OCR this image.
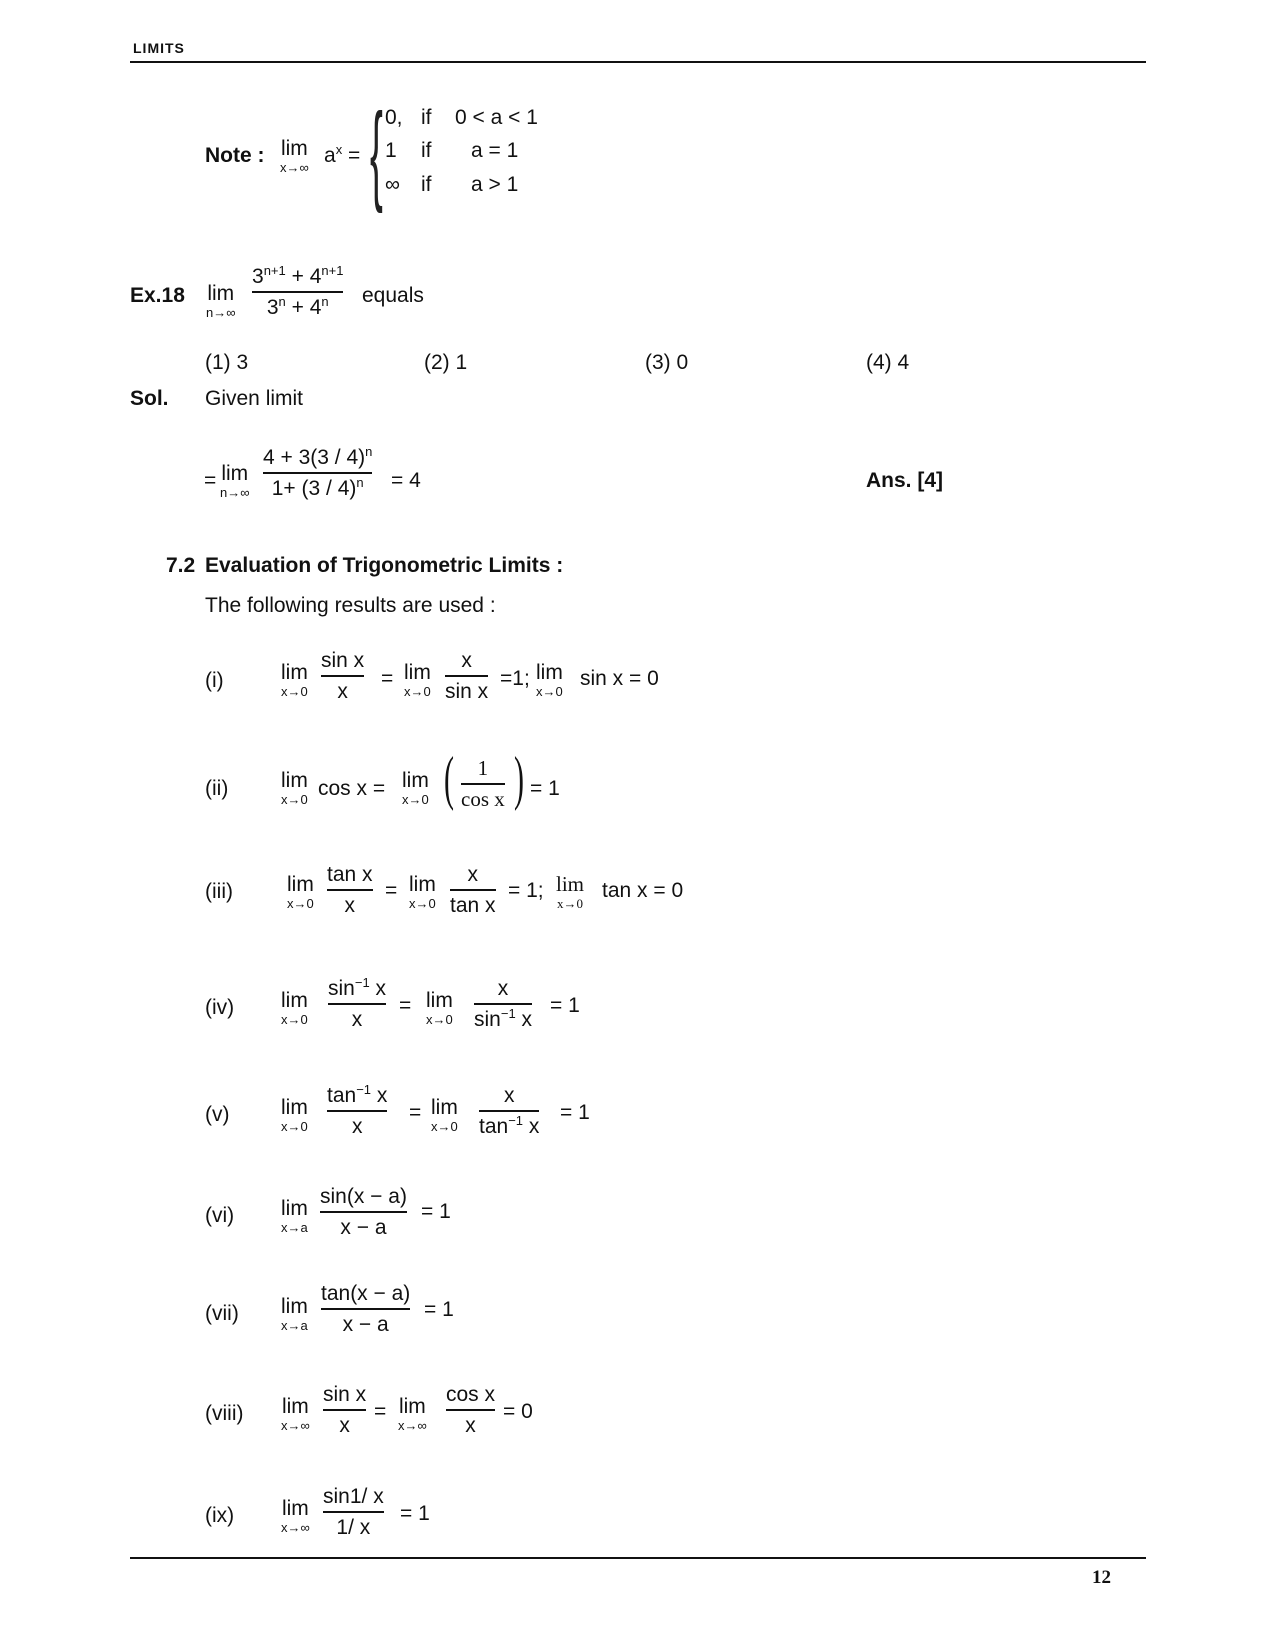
LIMITS
Note : lim
x→∞
$a^x$ = { 0, if 0 < a < 1
1 if a = 1
∞ if a > 1
Ex.18 lim
n→∞
$3^{n+1} + 4^{n+1}$
$3^n + 4^n$	equals
(1) 3	(2) 1	(3) 0	(4) 4
Sol. Given limit
= lim
n→∞
4 + 3(3 / 4)$^n$
1+ (3 / 4)$^n$	= 4	Ans. [4]
7.2 Evaluation of Trigonometric Limits :
The following results are used :
(i)	lim
x→0
sin x
x
= lim
x→0
x
sin x
=1; lim
x→0
sin x = 0
(ii)	lim
x→0 cos x = lim
x→0 (	1
cos x ) = 1
(iii)	lim
x→0
tan x
x
= lim
x→0
x
tan x
= 1; lim
x→0
tan x = 0
(iv) lim
x→0
$\sin^{-1} x$
x
= lim
x→0
x
$\sin^{-1} x$
= 1
(v) lim
x→0
$\tan^{-1} x$
x
= lim
x→0
x
$\tan^{-1} x$
= 1
(vi) lim
x→a
sin(x − a)
x − a
= 1
(vii) lim
x→a
tan(x − a)
x − a
= 1
(viii) lim
x→∞
sin x
x
= lim
x→∞
cos x
x
= 0
(ix) lim
x→∞
sin1/ x
1/ x
= 1
12
